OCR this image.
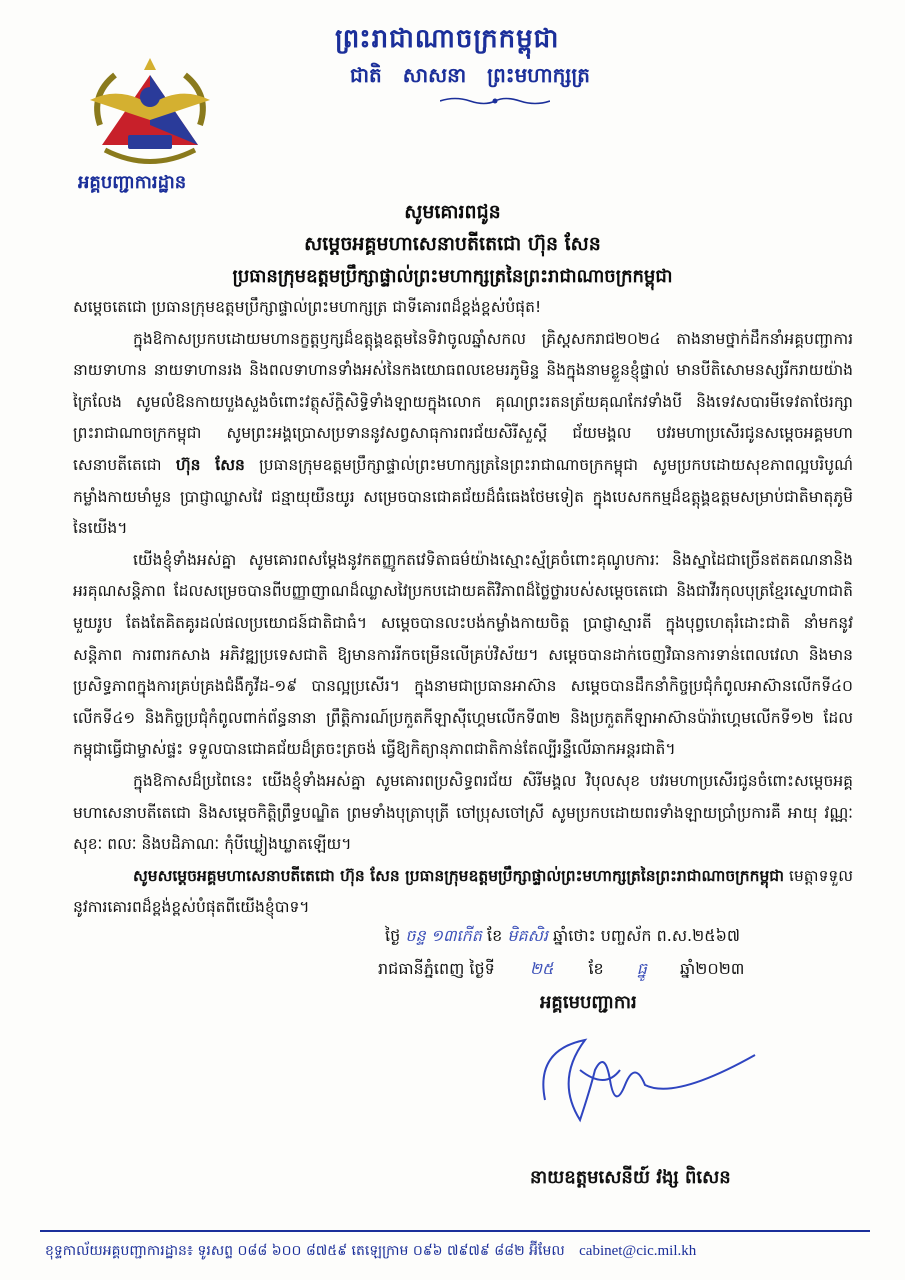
ព្រះរាជាណាចក្រកម្ពុជា
ជាតិ សាសនា ព្រះមហាក្សត្រ
អគ្គបញ្ជាការដ្ឋាន
សូមគោរពជូន
សម្តេចអគ្គមហាសេនាបតីតេជោ ហ៊ុន សែន
ប្រធានក្រុមឧត្តមប្រឹក្សាផ្ទាល់ព្រះមហាក្សត្រនៃព្រះរាជាណាចក្រកម្ពុជា

សម្តេចតេជោ ប្រធានក្រុមឧត្តមប្រឹក្សាផ្ទាល់ព្រះមហាក្សត្រ ជាទីគោរពដ៏ខ្ពង់ខ្ពស់បំផុត!

ក្នុងឱកាសប្រកបដោយមហានក្ខត្តឫក្សដ៏ឧត្តុង្គឧត្តមនៃទិវាចូលឆ្នាំសកល គ្រិស្តសករាជ២០២៤ តាងនាមថ្នាក់ដឹកនាំអគ្គបញ្ជាការ នាយទាហាន នាយទាហានរង និងពលទាហានទាំងអស់នៃកងយោធពលខេមរភូមិន្ទ និងក្នុងនាមខ្លួនខ្ញុំផ្ទាល់ មានបីតិសោមនស្សរីករាយយ៉ាងក្រៃលែង សូមលំឱនកាយបួងសួងចំពោះវត្ថុស័ក្តិសិទ្ធិទាំងឡាយក្នុងលោក គុណព្រះរតនត្រ័យគុណកែវទាំងបី និងទេវសបារមីទេវតាថែរក្សាព្រះរាជាណាចក្រកម្ពុជា សូមព្រះអង្គប្រោសប្រទាននូវសព្វសាធុការពរជ័យសិរីសួស្តី ជ័យមង្គល បវរមហាប្រសើរជូនសម្តេចអគ្គមហាសេនាបតីតេជោ ហ៊ុន សែន ប្រធានក្រុមឧត្តមប្រឹក្សាផ្ទាល់ព្រះមហាក្សត្រនៃព្រះរាជាណាចក្រកម្ពុជា សូមប្រកបដោយសុខភាពល្អបរិបូណ៌ កម្លាំងកាយមាំមួន ប្រាជ្ញាឈ្លាសវៃ ជន្មាយុយឺនយូរ សម្រេចបានជោគជ័យដ៏ធំធេងថែមទៀត ក្នុងបេសកកម្មដ៏ឧត្តុង្គឧត្តមសម្រាប់ជាតិមាតុភូមិនៃយើង។

យើងខ្ញុំទាំងអស់គ្នា សូមគោរពសម្តែងនូវកតញ្ញូកតវេទិតាធម៌យ៉ាងស្មោះស្ម័គ្រចំពោះគុណូបការៈ និងស្នាដៃជាច្រើនឥតគណនានិងអរគុណសន្តិភាព ដែលសម្រេចបានពីបញ្ញាញាណដ៏ឈ្លាសវៃប្រកបដោយគតិវិភាពដ៏ថ្លៃថ្លារបស់សម្តេចតេជោ និងជាវីរកុលបុត្រខ្មែរស្នេហាជាតិមួយរូប តែងតែគិតគូរដល់ផលប្រយោជន៍ជាតិជាធំ។ សម្តេចបានលះបង់កម្លាំងកាយចិត្ត ប្រាជ្ញាស្មារតី ក្នុងបុព្វហេតុរំដោះជាតិ នាំមកនូវសន្តិភាព ការពារកសាង អភិវឌ្ឍប្រទេសជាតិ ឱ្យមានការរីកចម្រើនលើគ្រប់វិស័យ។ សម្តេចបានដាក់ចេញវិធានការទាន់ពេលវេលា និងមានប្រសិទ្ធភាពក្នុងការគ្រប់គ្រងជំងឺកូវីដ-១៩ បានល្អប្រសើរ។ ក្នុងនាមជាប្រធានអាស៊ាន សម្តេចបានដឹកនាំកិច្ចប្រជុំកំពូលអាស៊ានលើកទី៤០ លើកទី៤១ និងកិច្ចប្រជុំកំពូលពាក់ព័ន្ធនានា ព្រឹត្តិការណ៍ប្រកួតកីឡាស៊ីហ្គេមលើកទី៣២ និងប្រកួតកីឡាអាស៊ានប៉ារ៉ាហ្គេមលើកទី១២ ដែលកម្ពុជាធ្វើជាម្ចាស់ផ្ទះ ទទួលបានជោគជ័យដ៏ត្រចះត្រចង់ ធ្វើឱ្យកិត្យានុភាពជាតិកាន់តែល្បីរន្ទឺលើឆាកអន្តរជាតិ។

ក្នុងឱកាសដ៏ប្រពៃនេះ យើងខ្ញុំទាំងអស់គ្នា សូមគោរពប្រសិទ្ធពរជ័យ សិរីមង្គល វិបុលសុខ បវរមហាប្រសើរជូនចំពោះសម្តេចអគ្គមហាសេនាបតីតេជោ និងសម្តេចកិត្តិព្រឹទ្ធបណ្ឌិត ព្រមទាំងបុត្រាបុត្រី ចៅប្រុសចៅស្រី សូមប្រកបដោយពរទាំងឡាយប្រាំប្រការគឺ អាយុ វណ្ណៈ សុខៈ ពលៈ និងបដិភាណៈ កុំបីឃ្លៀងឃ្លាតឡើយ។

សូមសម្តេចអគ្គមហាសេនាបតីតេជោ ហ៊ុន សែន ប្រធានក្រុមឧត្តមប្រឹក្សាផ្ទាល់ព្រះមហាក្សត្រនៃព្រះរាជាណាចក្រកម្ពុជា មេត្តាទទួលនូវការគោរពដ៏ខ្ពង់ខ្ពស់បំផុតពីយើងខ្ញុំបាទ។

ថ្ងៃ ចន្ទ ១៣កើត ខែ មិគសិរ ឆ្នាំថោះ បញ្ចស័ក ព.ស.២៥៦៧
រាជធានីភ្នំពេញ ថ្ងៃទី ២៥ ខែ ធ្នូ ឆ្នាំ២០២៣
អគ្គមេបញ្ជាការ
នាយឧត្តមសេនីយ៍ វង្ស ពិសេន
ខុទ្ទកាល័យអគ្គបញ្ជាការដ្ឋាន៖ ទូរសព្ទ ០៨៨ ៦០០ ៨៧៥៩ តេឡេក្រាម ០៩៦ ៧៩៧៩ ៨៨២ អ៊ីមែល cabinet@cic.mil.kh
